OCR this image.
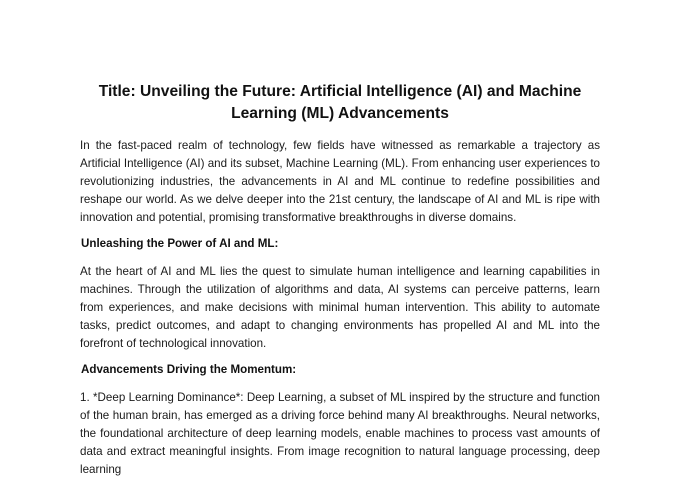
Title: Unveiling the Future: Artificial Intelligence (AI) and Machine Learning (ML) Advancements

In the fast-paced realm of technology, few fields have witnessed as remarkable a trajectory as Artificial Intelligence (AI) and its subset, Machine Learning (ML). From enhancing user experiences to revolutionizing industries, the advancements in AI and ML continue to redefine possibilities and reshape our world. As we delve deeper into the 21st century, the landscape of AI and ML is ripe with innovation and potential, promising transformative breakthroughs in diverse domains.

Unleashing the Power of AI and ML:

At the heart of AI and ML lies the quest to simulate human intelligence and learning capabilities in machines. Through the utilization of algorithms and data, AI systems can perceive patterns, learn from experiences, and make decisions with minimal human intervention. This ability to automate tasks, predict outcomes, and adapt to changing environments has propelled AI and ML into the forefront of technological innovation.

Advancements Driving the Momentum:

1. *Deep Learning Dominance*: Deep Learning, a subset of ML inspired by the structure and function of the human brain, has emerged as a driving force behind many AI breakthroughs. Neural networks, the foundational architecture of deep learning models, enable machines to process vast amounts of data and extract meaningful insights. From image recognition to natural language processing, deep learning
